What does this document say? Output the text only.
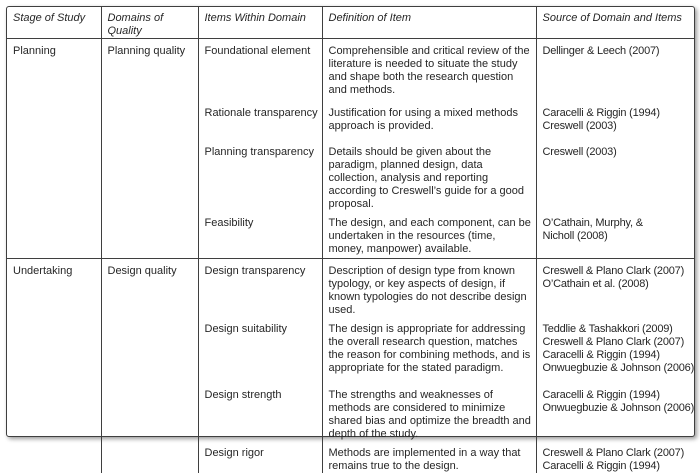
Stage of Study	Domains of Quality	Items Within Domain	Definition of Item	Source of Domain and Items
Planning	Planning quality	Foundational element	Comprehensible and critical review of the literature is needed to situate the study and shape both the research question and methods.	Dellinger & Leech (2007)

		Rationale transparency	Justification for using a mixed methods approach is provided.	Caracelli & Riggin (1994)
Creswell (2003)

		Planning transparency	Details should be given about the paradigm, planned design, data collection, analysis and reporting according to Creswell’s guide for a good proposal.	Creswell (2003)

		Feasibility	The design, and each component, can be undertaken in the resources (time, money, manpower) available.	O’Cathain, Murphy, &
Nicholl (2008)

Undertaking	Design quality	Design transparency	Description of design type from known typology, or key aspects of design, if known typologies do not describe design used.	Creswell & Plano Clark (2007)
O’Cathain et al. (2008)

		Design suitability	The design is appropriate for addressing the overall research question, matches the reason for combining methods, and is appropriate for the stated paradigm.	Teddlie & Tashakkori (2009)
Creswell & Plano Clark (2007)
Caracelli & Riggin (1994)
Onwuegbuzie & Johnson (2006)

		Design strength	The strengths and weaknesses of methods are considered to minimize shared bias and optimize the breadth and depth of the study.	Caracelli & Riggin (1994)
Onwuegbuzie & Johnson (2006)

		Design rigor	Methods are implemented in a way that remains true to the design.	Creswell & Plano Clark (2007)
Caracelli & Riggin (1994)
